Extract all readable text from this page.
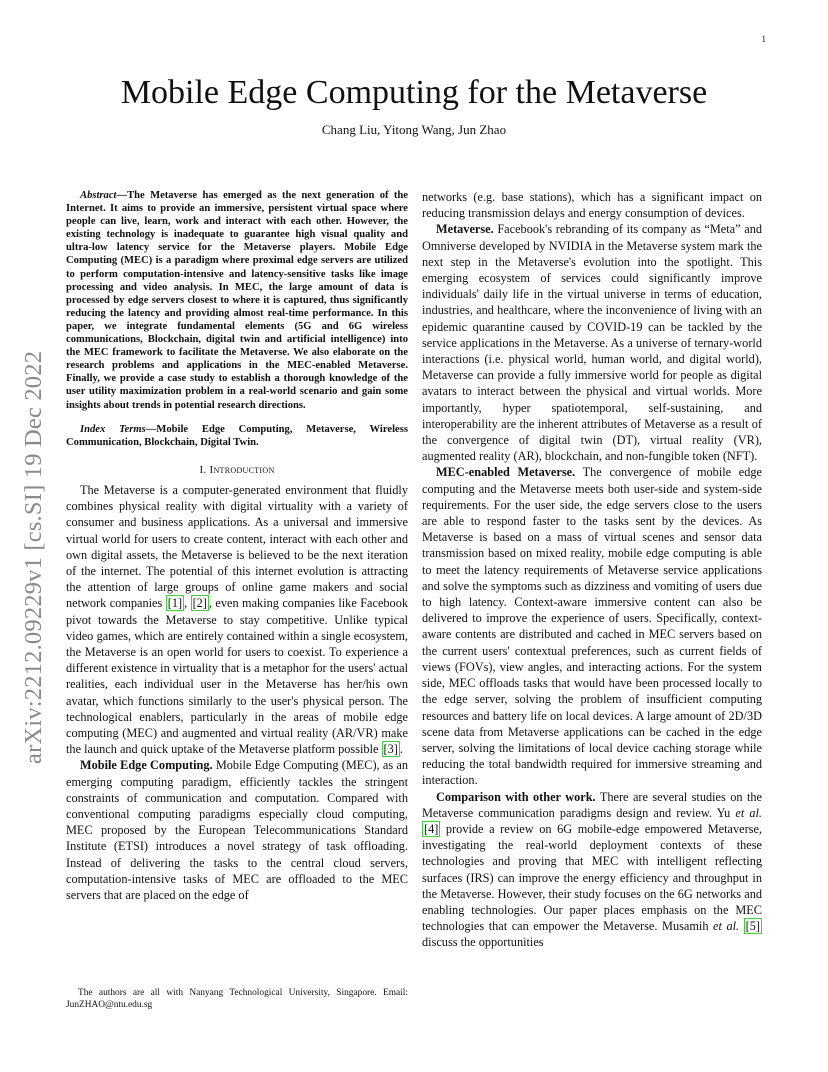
1
arXiv:2212.09229v1 [cs.SI] 19 Dec 2022
Mobile Edge Computing for the Metaverse
Chang Liu, Yitong Wang, Jun Zhao

Abstract—The Metaverse has emerged as the next generation of the Internet. It aims to provide an immersive, persistent virtual space where people can live, learn, work and interact with each other. However, the existing technology is inadequate to guarantee high visual quality and ultra-low latency service for the Metaverse players. Mobile Edge Computing (MEC) is a paradigm where proximal edge servers are utilized to perform computation-intensive and latency-sensitive tasks like image processing and video analysis. In MEC, the large amount of data is processed by edge servers closest to where it is captured, thus significantly reducing the latency and providing almost real-time performance. In this paper, we integrate fundamental elements (5G and 6G wireless communications, Blockchain, digital twin and artificial intelligence) into the MEC framework to facilitate the Metaverse. We also elaborate on the research problems and applications in the MEC-enabled Metaverse. Finally, we provide a case study to establish a thorough knowledge of the user utility maximization problem in a real-world scenario and gain some insights about trends in potential research directions.

Index Terms—Mobile Edge Computing, Metaverse, Wireless Communication, Blockchain, Digital Twin.

I. Introduction

The Metaverse is a computer-generated environment that fluidly combines physical reality with digital virtuality with a variety of consumer and business applications. As a universal and immersive virtual world for users to create content, interact with each other and own digital assets, the Metaverse is believed to be the next iteration of the internet. The potential of this internet evolution is attracting the attention of large groups of online game makers and social network companies [1] , [2] , even making companies like Facebook pivot towards the Metaverse to stay competitive. Unlike typical video games, which are entirely contained within a single ecosystem, the Metaverse is an open world for users to coexist. To experience a different existence in virtuality that is a metaphor for the users' actual realities, each individual user in the Metaverse has her/his own avatar, which functions similarly to the user's physical person. The technological enablers, particularly in the areas of mobile edge computing (MEC) and augmented and virtual reality (AR/VR) make the launch and quick uptake of the Metaverse platform possible [3] .

Mobile Edge Computing. Mobile Edge Computing (MEC), as an emerging computing paradigm, efficiently tackles the stringent constraints of communication and computation. Compared with conventional computing paradigms especially cloud computing, MEC proposed by the European Telecommunications Standard Institute (ETSI) introduces a novel strategy of task offloading. Instead of delivering the tasks to the central cloud servers, computation-intensive tasks of MEC are offloaded to the MEC servers that are placed on the edge of

The authors are all with Nanyang Technological University, Singapore. Email: JunZHAO@ntu.edu.sg

networks (e.g. base stations), which has a significant impact on reducing transmission delays and energy consumption of devices.

Metaverse. Facebook's rebranding of its company as “Meta” and Omniverse developed by NVIDIA in the Metaverse system mark the next step in the Metaverse's evolution into the spotlight. This emerging ecosystem of services could significantly improve individuals' daily life in the virtual universe in terms of education, industries, and healthcare, where the inconvenience of living with an epidemic quarantine caused by COVID-19 can be tackled by the service applications in the Metaverse. As a universe of ternary-world interactions (i.e. physical world, human world, and digital world), Metaverse can provide a fully immersive world for people as digital avatars to interact between the physical and virtual worlds. More importantly, hyper spatiotemporal, self-sustaining, and interoperability are the inherent attributes of Metaverse as a result of the convergence of digital twin (DT), virtual reality (VR), augmented reality (AR), blockchain, and non-fungible token (NFT).

MEC-enabled Metaverse. The convergence of mobile edge computing and the Metaverse meets both user-side and system-side requirements. For the user side, the edge servers close to the users are able to respond faster to the tasks sent by the devices. As Metaverse is based on a mass of virtual scenes and sensor data transmission based on mixed reality, mobile edge computing is able to meet the latency requirements of Metaverse service applications and solve the symptoms such as dizziness and vomiting of users due to high latency. Context-aware immersive content can also be delivered to improve the experience of users. Specifically, context-aware contents are distributed and cached in MEC servers based on the current users' contextual preferences, such as current fields of views (FOVs), view angles, and interacting actions. For the system side, MEC offloads tasks that would have been processed locally to the edge server, solving the problem of insufficient computing resources and battery life on local devices. A large amount of 2D/3D scene data from Metaverse applications can be cached in the edge server, solving the limitations of local device caching storage while reducing the total bandwidth required for immersive streaming and interaction.

Comparison with other work. There are several studies on the Metaverse communication paradigms design and review. Yu et al. [4] provide a review on 6G mobile-edge empowered Metaverse, investigating the real-world deployment contexts of these technologies and proving that MEC with intelligent reflecting surfaces (IRS) can improve the energy efficiency and throughput in the Metaverse. However, their study focuses on the 6G networks and enabling technologies. Our paper places emphasis on the MEC technologies that can empower the Metaverse. Musamih et al. [5] discuss the opportunities
